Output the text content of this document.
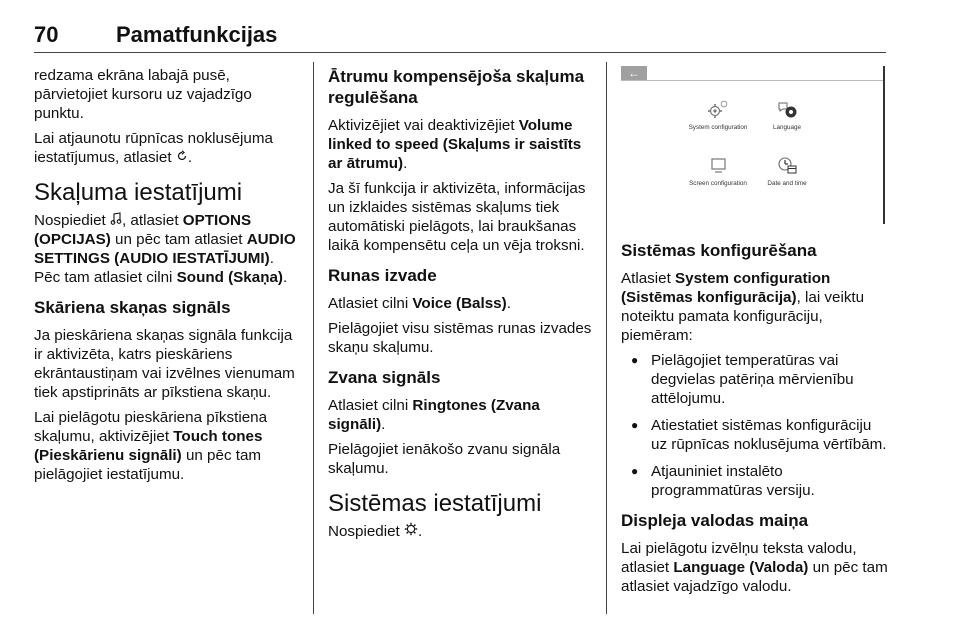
70	Pamatfunkcijas

redzama ekrāna labajā pusē, pārvietojiet kursoru uz vajadzīgo punktu.

Lai atjaunotu rūpnīcas noklusējuma iestatījumus, atlasiet .

Skaļuma iestatījumi

Nospiediet , atlasiet OPTIONS (OPCIJAS) un pēc tam atlasiet AUDIO SETTINGS (AUDIO IESTATĪJUMI). Pēc tam atlasiet cilni Sound (Skaņa).

Skāriena skaņas signāls

Ja pieskāriena skaņas signāla funkcija ir aktivizēta, katrs pieskāriens ekrāntaustiņam vai izvēlnes vienumam tiek apstiprināts ar pīkstiena skaņu.

Lai pielāgotu pieskāriena pīkstiena skaļumu, aktivizējiet Touch tones (Pieskārienu signāli) un pēc tam pielāgojiet iestatījumu.

Ātrumu kompensējoša skaļuma regulēšana

Aktivizējiet vai deaktivizējiet Volume linked to speed (Skaļums ir saistīts ar ātrumu).

Ja šī funkcija ir aktivizēta, informācijas un izklaides sistēmas skaļums tiek automātiski pielāgots, lai braukšanas laikā kompensētu ceļa un vēja troksni.

Runas izvade

Atlasiet cilni Voice (Balss).

Pielāgojiet visu sistēmas runas izvades skaņu skaļumu.

Zvana signāls

Atlasiet cilni Ringtones (Zvana signāli).

Pielāgojiet ienākošo zvanu signāla skaļumu.

Sistēmas iestatījumi

Nospiediet .

←
System configuration	Language
Screen configuration	Date and time
Sistēmas konfigurēšana

Atlasiet System configuration (Sistēmas konfigurācija), lai veiktu noteiktu pamata konfigurāciju, piemēram:

● Pielāgojiet temperatūras vai degvielas patēriņa mērvienību attēlojumu.
● Atiestatiet sistēmas konfigurāciju uz rūpnīcas noklusējuma vērtībām.
● Atjauniniet instalēto programmatūras versiju.
Displeja valodas maiņa

Lai pielāgotu izvēlņu teksta valodu, atlasiet Language (Valoda) un pēc tam atlasiet vajadzīgo valodu.
